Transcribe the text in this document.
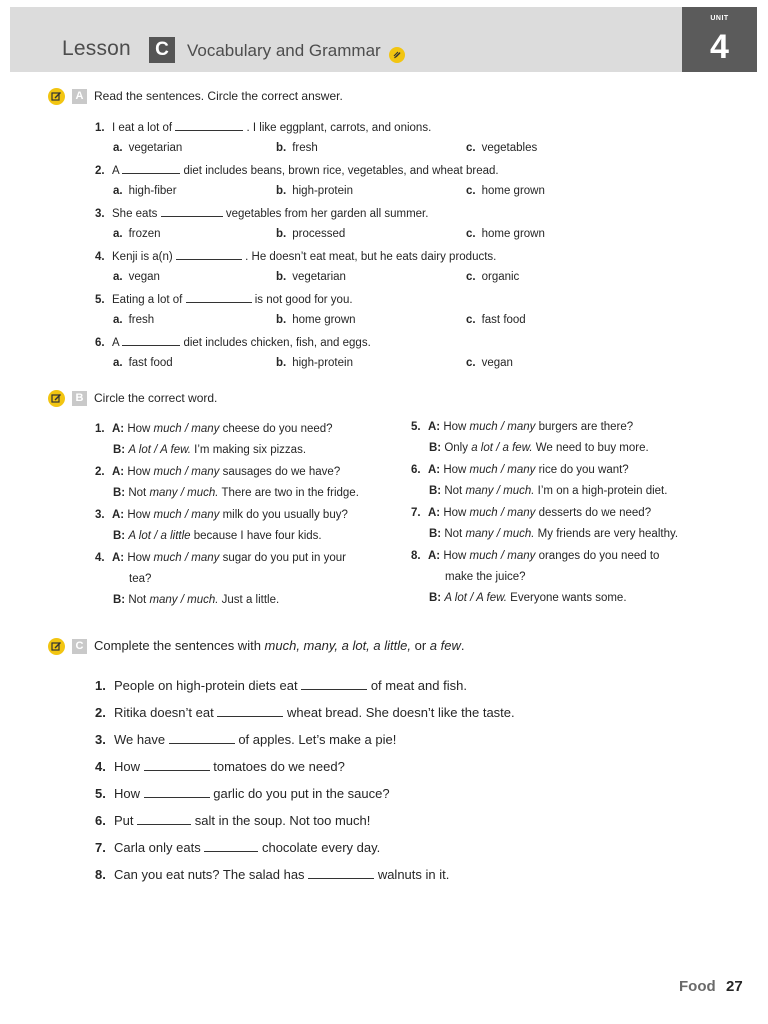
Lesson	C	Vocabulary and Grammar
UNIT
4
A Read the sentences. Circle the correct answer.
1. I eat a lot of	. I like eggplant, carrots, and onions.
a. vegetarian	b. fresh	c. vegetables
2. A	diet includes beans, brown rice, vegetables, and wheat bread.
a. high-fiber	b. high-protein	c. home grown
3. She eats	vegetables from her garden all summer.
a. frozen	b. processed	c. home grown
4. Kenji is a(n)	. He doesn’t eat meat, but he eats dairy products.
a. vegan	b. vegetarian	c. organic
5. Eating a lot of	is not good for you.
a. fresh	b. home grown	c. fast food
6. A	diet includes chicken, fish, and eggs.
a. fast food	b. high-protein	c. vegan
B Circle the correct word.
1. A: How much / many cheese do you need?
B: A lot / A few. I’m making six pizzas.
2. A: How much / many sausages do we have?
B: Not many / much. There are two in the fridge.
3. A: How much / many milk do you usually buy?
B: A lot / a little because I have four kids.
4. A: How much / many sugar do you put in your
tea?
B: Not many / much. Just a little.
5. A: How much / many burgers are there?
B: Only a lot / a few. We need to buy more.
6. A: How much / many rice do you want?
B: Not many / much. I’m on a high-protein diet.
7. A: How much / many desserts do we need?
B: Not many / much. My friends are very healthy.
8. A: How much / many oranges do you need to
make the juice?
B: A lot / A few. Everyone wants some.
C Complete the sentences with much, many, a lot, a little, or a few.
1. People on high-protein diets eat	of meat and fish.
2. Ritika doesn’t eat	wheat bread. She doesn’t like the taste.
3. We have	of apples. Let’s make a pie!
4. How	tomatoes do we need?
5. How	garlic do you put in the sauce?
6. Put	salt in the soup. Not too much!
7. Carla only eats	chocolate every day.
8. Can you eat nuts? The salad has	walnuts in it.
Food 27
